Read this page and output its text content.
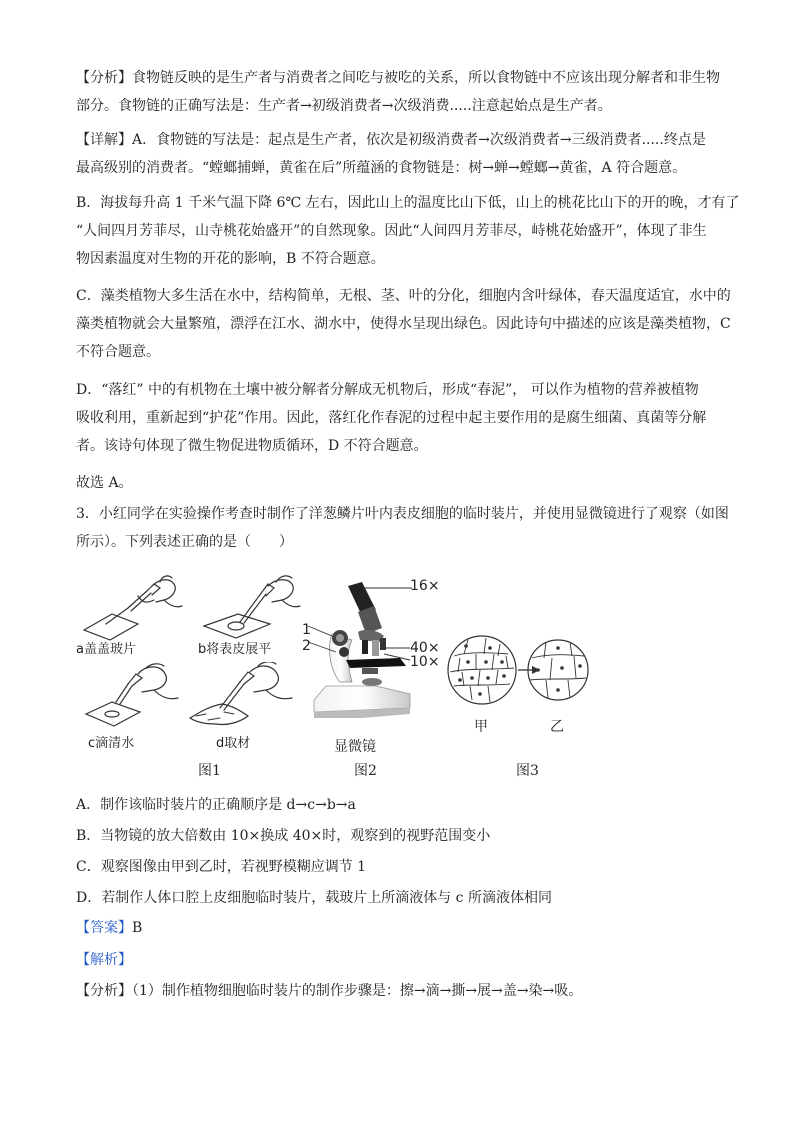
【分析】食物链反映的是生产者与消费者之间吃与被吃的关系，所以食物链中不应该出现分解者和非生物
部分。食物链的正确写法是：生产者→初级消费者→次级消费.....注意起始点是生产者。
【详解】A．食物链的写法是：起点是生产者，依次是初级消费者→次级消费者→三级消费者.....终点是
最高级别的消费者。“螳螂捕蝉，黄雀在后”所蕴涵的食物链是：树→蝉→螳螂→黄雀，A 符合题意。
B．海拔每升高 1 千米气温下降 6℃ 左右，因此山上的温度比山下低，山上的桃花比山下的开的晚，才有了
“人间四月芳菲尽，山寺桃花始盛开”的自然现象。因此“人间四月芳菲尽，峙桃花始盛开”，体现了非生
物因素温度对生物的开花的影响，B 不符合题意。
C．藻类植物大多生活在水中，结构简单，无根、茎、叶的分化，细胞内含叶绿体，春天温度适宜，水中的
藻类植物就会大量繁殖，漂浮在江水、湖水中，使得水呈现出绿色。因此诗句中描述的应该是藻类植物，C
不符合题意。
D．“落红” 中的有机物在土壤中被分解者分解成无机物后，形成“春泥”， 可以作为植物的营养被植物
吸收利用，重新起到“护花”作用。因此，落红化作春泥的过程中起主要作用的是腐生细菌、真菌等分解
者。该诗句体现了微生物促进物质循环，D 不符合题意。
故选 A。
3．小红同学在实验操作考查时制作了洋葱鳞片叶内表皮细胞的临时装片，并使用显微镜进行了观察（如图
所示）。下列表述正确的是（　　）
a盖盖玻片	b将表皮展平
c滴清水	d取材
图1
16×
1
2	40×
10×
显微镜
图2
甲	乙
图3
A．制作该临时装片的正确顺序是 d→c→b→a
B．当物镜的放大倍数由 10×换成 40×时，观察到的视野范围变小
C．观察图像由甲到乙时，若视野模糊应调节 1
D．若制作人体口腔上皮细胞临时装片，载玻片上所滴液体与 c 所滴液体相同
【答案】B
【解析】
【分析】（1）制作植物细胞临时装片的制作步骤是：擦→滴→撕→展→盖→染→吸。
